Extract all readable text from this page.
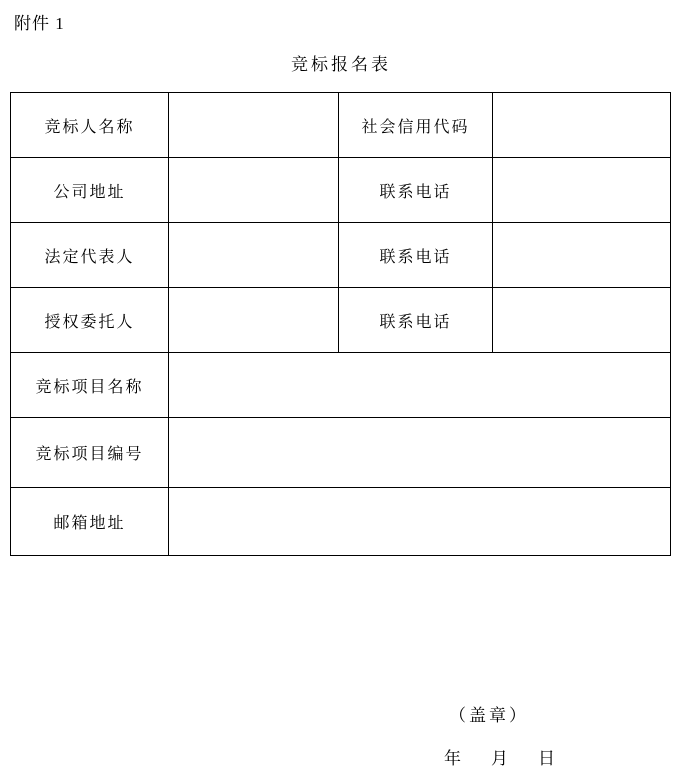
附件 1
竞标报名表
竞标人名称		社会信用代码	
公司地址		联系电话	
法定代表人		联系电话	
授权委托人		联系电话	
竞标项目名称			
竞标项目编号			
邮箱地址			
（盖章）
年 月 日
